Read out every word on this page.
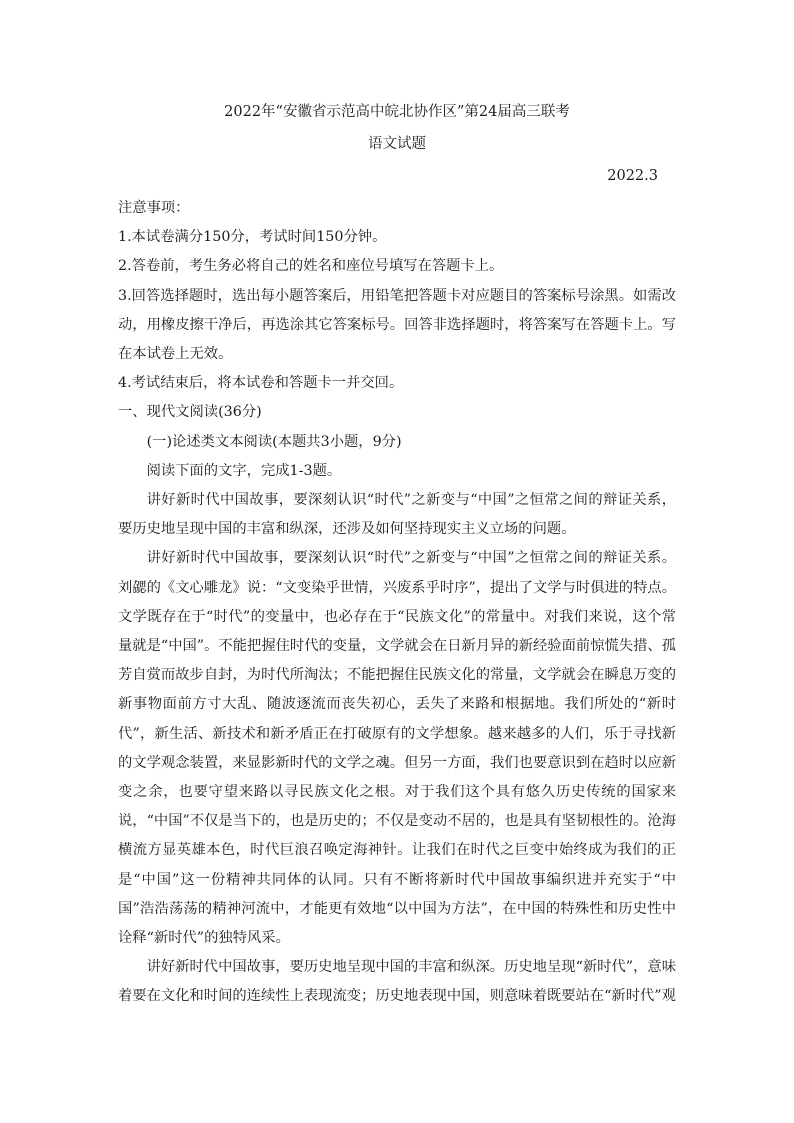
2022年“安徽省示范高中皖北协作区”第24届高三联考
语文试题
2022.3

注意事项：

1.本试卷满分150分，考试时间150分钟。

2.答卷前，考生务必将自己的姓名和座位号填写在答题卡上。

3.回答选择题时，选出每小题答案后，用铅笔把答题卡对应题目的答案标号涂黑。如需改动，用橡皮擦干净后，再选涂其它答案标号。回答非选择题时，将答案写在答题卡上。写在本试卷上无效。

4.考试结束后，将本试卷和答题卡一并交回。

一、现代文阅读(36分)

(一)论述类文本阅读(本题共3小题，9分)

阅读下面的文字，完成1-3题。

讲好新时代中国故事，要深刻认识“时代”之新变与“中国”之恒常之间的辩证关系，要历史地呈现中国的丰富和纵深，还涉及如何坚持现实主义立场的问题。

讲好新时代中国故事，要深刻认识“时代”之新变与“中国”之恒常之间的辩证关系。刘勰的《文心雕龙》说：“文变染乎世情，兴废系乎时序”，提出了文学与时俱进的特点。文学既存在于“时代”的变量中，也必存在于“民族文化”的常量中。对我们来说，这个常量就是“中国”。不能把握住时代的变量，文学就会在日新月异的新经验面前惊慌失措、孤芳自赏而故步自封，为时代所淘汰；不能把握住民族文化的常量，文学就会在瞬息万变的新事物面前方寸大乱、随波逐流而丧失初心，丢失了来路和根据地。我们所处的“新时代”，新生活、新技术和新矛盾正在打破原有的文学想象。越来越多的人们，乐于寻找新的文学观念装置，来显影新时代的文学之魂。但另一方面，我们也要意识到在趋时以应新变之余，也要守望来路以寻民族文化之根。对于我们这个具有悠久历史传统的国家来说，“中国”不仅是当下的，也是历史的；不仅是变动不居的，也是具有坚韧根性的。沧海横流方显英雄本色，时代巨浪召唤定海神针。让我们在时代之巨变中始终成为我们的正是“中国”这一份精神共同体的认同。只有不断将新时代中国故事编织进并充实于“中国”浩浩荡荡的精神河流中，才能更有效地“以中国为方法”，在中国的特殊性和历史性中诠释“新时代”的独特风采。

讲好新时代中国故事，要历史地呈现中国的丰富和纵深。历史地呈现“新时代”，意味着要在文化和时间的连续性上表现流变；历史地表现中国，则意味着既要站在“新时代”观
